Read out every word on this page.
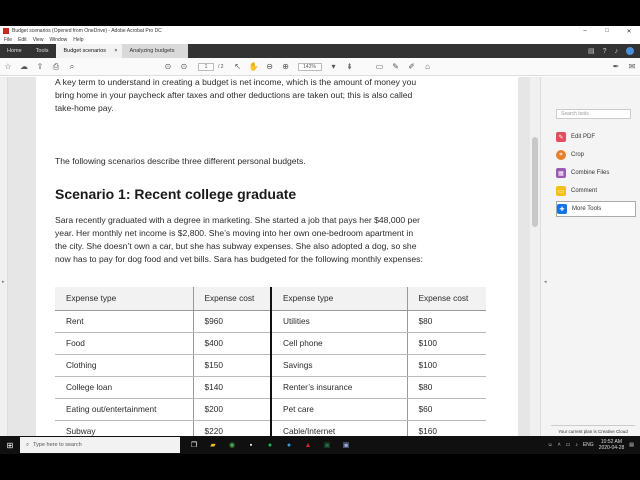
Budget scenarios (Opened from OneDrive) - Adobe Acrobat Pro DC	–	□	✕
File Edit View Window Help
Home	Tools	Budget scenarios × Analyzing budgets	▤ ? ♪
☆	☁	⇧	⎙	⌕	⊙	⊙	1	/ 2	↖ ✋ ⊖	⊕	142%	▾	⇟	▭	✎	✐	⌂	✒	✉
▸

A key term to understand in creating a budget is net income, which is the amount of money you bring home in your paycheck after taxes and other deductions are taken out; this is also called take-home pay.

The following scenarios describe three different personal budgets.

Scenario 1: Recent college graduate

Sara recently graduated with a degree in marketing. She started a job that pays her $48,000 per year. Her monthly net income is $2,800. She’s moving into her own one-bedroom apartment in the city. She doesn’t own a car, but she has subway expenses. She also adopted a dog, so she now has to pay for dog food and vet bills. Sara has budgeted for the following monthly expenses:

Expense type	Expense cost	Expense type	Expense cost
Rent	$960	Utilities	$80
Food	$400	Cell phone	$100
Clothing	$150	Savings	$100
College loan	$140	Renter’s insurance	$80
Eating out/entertainment	$200	Pet care	$60
Subway	$220	Cable/Internet	$160
◂
Search tools
✎	Edit PDF
⌗	Crop
▦	Combine Files
▭	Comment
✚	More Tools
Your current plan is Creative Cloud
⊞	⌕ Type here to search	❐	▰	◉	▪	●	●	▲	▣	▣	☺ ˄ ▭ ♪ ENG	10:52 AM
2020-04-28 ▤
